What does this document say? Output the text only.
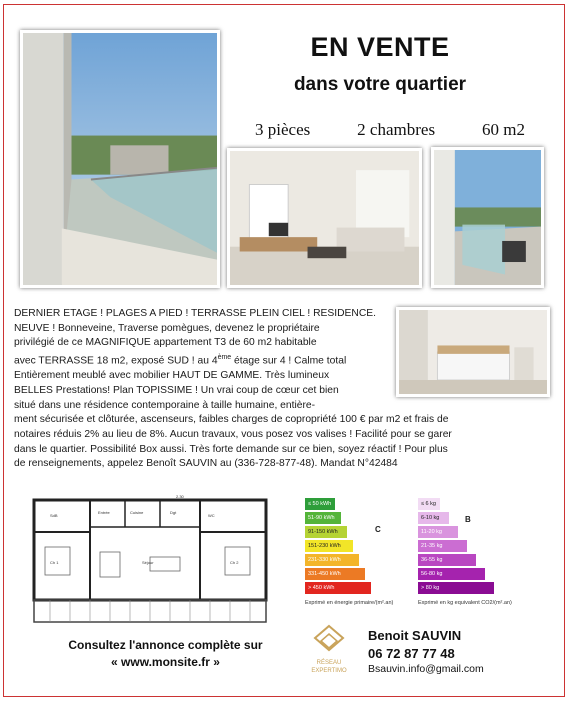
EN VENTE
dans votre quartier
3 pièces	2 chambres	60 m2
DERNIER ETAGE ! PLAGES A PIED ! TERRASSE PLEIN CIEL ! RESIDENCE.
NEUVE ! Bonneveine, Traverse pomègues, devenez le propriétaire
privilégié de ce MAGNIFIQUE appartement T3 de 60 m2 habitable
avec TERRASSE 18 m2, exposé SUD ! au 4ème étage sur 4 ! Calme total
Entièrement meublé avec mobilier HAUT DE GAMME. Très lumineux
BELLES Prestations! Plan TOPISSIME ! Un vrai coup de cœur cet bien
situé dans une résidence contemporaine à taille humaine, entière-
ment sécurisée et clôturée, ascenseurs, faibles charges de copropriété 100 € par m2 et frais de
notaires réduis 2% au lieu de 8%. Aucun travaux, vous posez vos valises ! Facilité pour se garer
dans le quartier. Possibilité Box aussi. Très forte demande sur ce bien, soyez réactif ! Pour plus
de renseignements, appelez Benoît SAUVIN au (336-728-877-48). Mandat N°42484
Séjour
Ch 1	Ch 2
Cuisine
SdB
Dgt
Entrée
WC
2.30
≤ 50 kWh
51-90 kWh
91-150 kWh
151-230 kWh
231-330 kWh
331-450 kWh
> 450 kWh
C
Exprimé en énergie primaire/(m².an)
≤ 6 kg
6-10 kg
11-20 kg
21-35 kg
36-55 kg
56-80 kg
> 80 kg
B
Exprimé en kg equivalent CO2/(m².an)
Consultez l'annonce complète sur
« www.monsite.fr »	RÉSEAU
EXPERTIMO
Benoit SAUVIN
06 72 87 77 48
Bsauvin.info@gmail.com
